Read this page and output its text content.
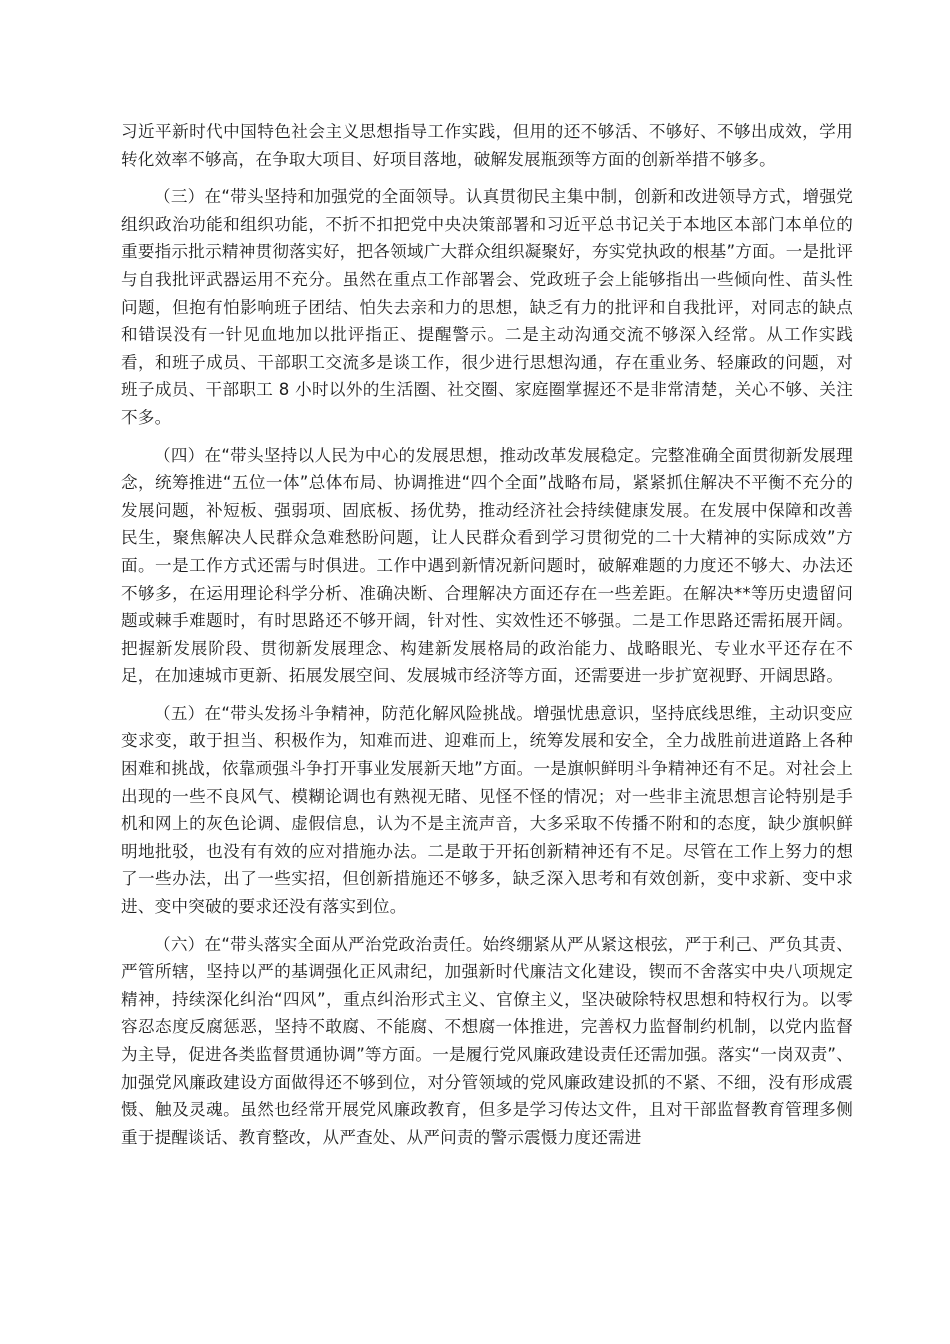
习近平新时代中国特色社会主义思想指导工作实践，但用的还不够活、不够好、不够出成效，学用转化效率不够高，在争取大项目、好项目落地，破解发展瓶颈等方面的创新举措不够多。

（三）在“带头坚持和加强党的全面领导。认真贯彻民主集中制，创新和改进领导方式，增强党组织政治功能和组织功能，不折不扣把党中央决策部署和习近平总书记关于本地区本部门本单位的重要指示批示精神贯彻落实好，把各领域广大群众组织凝聚好，夯实党执政的根基”方面。一是批评与自我批评武器运用不充分。虽然在重点工作部署会、党政班子会上能够指出一些倾向性、苗头性问题，但抱有怕影响班子团结、怕失去亲和力的思想，缺乏有力的批评和自我批评，对同志的缺点和错误没有一针见血地加以批评指正、提醒警示。二是主动沟通交流不够深入经常。从工作实践看，和班子成员、干部职工交流多是谈工作，很少进行思想沟通，存在重业务、轻廉政的问题，对班子成员、干部职工 8 小时以外的生活圈、社交圈、家庭圈掌握还不是非常清楚，关心不够、关注不多。

（四）在“带头坚持以人民为中心的发展思想，推动改革发展稳定。完整准确全面贯彻新发展理念，统筹推进“五位一体”总体布局、协调推进“四个全面”战略布局，紧紧抓住解决不平衡不充分的发展问题，补短板、强弱项、固底板、扬优势，推动经济社会持续健康发展。在发展中保障和改善民生，聚焦解决人民群众急难愁盼问题，让人民群众看到学习贯彻党的二十大精神的实际成效”方面。一是工作方式还需与时俱进。工作中遇到新情况新问题时，破解难题的力度还不够大、办法还不够多，在运用理论科学分析、准确决断、合理解决方面还存在一些差距。在解决**等历史遗留问题或棘手难题时，有时思路还不够开阔，针对性、实效性还不够强。二是工作思路还需拓展开阔。把握新发展阶段、贯彻新发展理念、构建新发展格局的政治能力、战略眼光、专业水平还存在不足，在加速城市更新、拓展发展空间、发展城市经济等方面，还需要进一步扩宽视野、开阔思路。

（五）在“带头发扬斗争精神，防范化解风险挑战。增强忧患意识，坚持底线思维，主动识变应变求变，敢于担当、积极作为，知难而进、迎难而上，统筹发展和安全，全力战胜前进道路上各种困难和挑战，依靠顽强斗争打开事业发展新天地”方面。一是旗帜鲜明斗争精神还有不足。对社会上出现的一些不良风气、模糊论调也有熟视无睹、见怪不怪的情况；对一些非主流思想言论特别是手机和网上的灰色论调、虚假信息，认为不是主流声音，大多采取不传播不附和的态度，缺少旗帜鲜明地批驳，也没有有效的应对措施办法。二是敢于开拓创新精神还有不足。尽管在工作上努力的想了一些办法，出了一些实招，但创新措施还不够多，缺乏深入思考和有效创新，变中求新、变中求进、变中突破的要求还没有落实到位。

（六）在“带头落实全面从严治党政治责任。始终绷紧从严从紧这根弦，严于利己、严负其责、严管所辖，坚持以严的基调强化正风肃纪，加强新时代廉洁文化建设，锲而不舍落实中央八项规定精神，持续深化纠治“四风”，重点纠治形式主义、官僚主义，坚决破除特权思想和特权行为。以零容忍态度反腐惩恶，坚持不敢腐、不能腐、不想腐一体推进，完善权力监督制约机制，以党内监督为主导，促进各类监督贯通协调”等方面。一是履行党风廉政建设责任还需加强。落实“一岗双责”、加强党风廉政建设方面做得还不够到位，对分管领域的党风廉政建设抓的不紧、不细，没有形成震慑、触及灵魂。虽然也经常开展党风廉政教育，但多是学习传达文件，且对干部监督教育管理多侧重于提醒谈话、教育整改，从严查处、从严问责的警示震慑力度还需进
